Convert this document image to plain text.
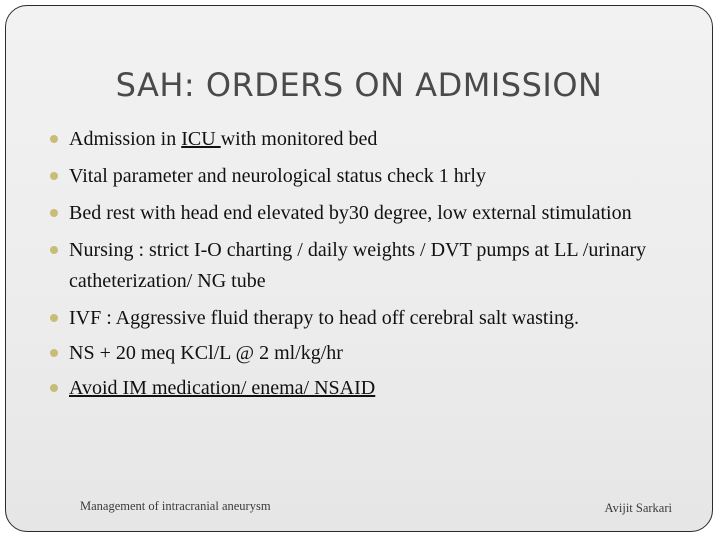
SAH: ORDERS ON ADMISSION
Admission in ICU with monitored bed
Vital parameter and neurological status check 1 hrly
Bed rest with head end elevated by30 degree, low external stimulation
Nursing : strict I-O charting / daily weights / DVT pumps at LL /urinary catheterization/ NG tube
IVF : Aggressive fluid therapy to head off cerebral salt wasting.
NS + 20 meq KCl/L @ 2 ml/kg/hr
Avoid IM medication/ enema/ NSAID
Management of intracranial aneurysm	Avijit Sarkari
